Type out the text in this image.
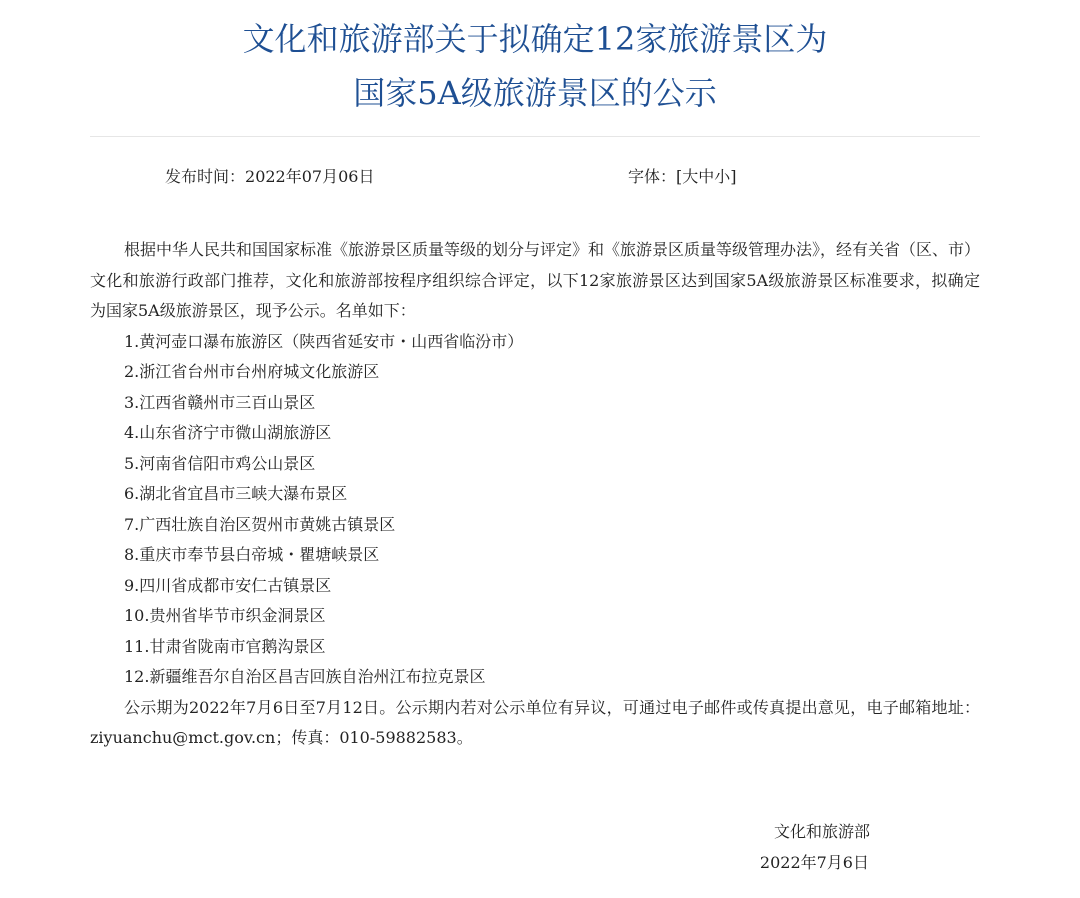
文化和旅游部关于拟确定12家旅游景区为
国家5A级旅游景区的公示
发布时间：2022年07月06日	字体：[大中小]

根据中华人民共和国国家标准《旅游景区质量等级的划分与评定》和《旅游景区质量等级管理办法》，经有关省（区、市）文化和旅游行政部门推荐，文化和旅游部按程序组织综合评定，以下12家旅游景区达到国家5A级旅游景区标准要求，拟确定为国家5A级旅游景区，现予公示。名单如下：

1.黄河壶口瀑布旅游区（陕西省延安市・山西省临汾市）
2.浙江省台州市台州府城文化旅游区
3.江西省赣州市三百山景区
4.山东省济宁市微山湖旅游区
5.河南省信阳市鸡公山景区
6.湖北省宜昌市三峡大瀑布景区
7.广西壮族自治区贺州市黄姚古镇景区
8.重庆市奉节县白帝城・瞿塘峡景区
9.四川省成都市安仁古镇景区
10.贵州省毕节市织金洞景区
11.甘肃省陇南市官鹅沟景区
12.新疆维吾尔自治区昌吉回族自治州江布拉克景区

公示期为2022年7月6日至7月12日。公示期内若对公示单位有异议，可通过电子邮件或传真提出意见，电子邮箱地址：ziyuanchu@mct.gov.cn；传真：010-59882583。

文化和旅游部
2022年7月6日
